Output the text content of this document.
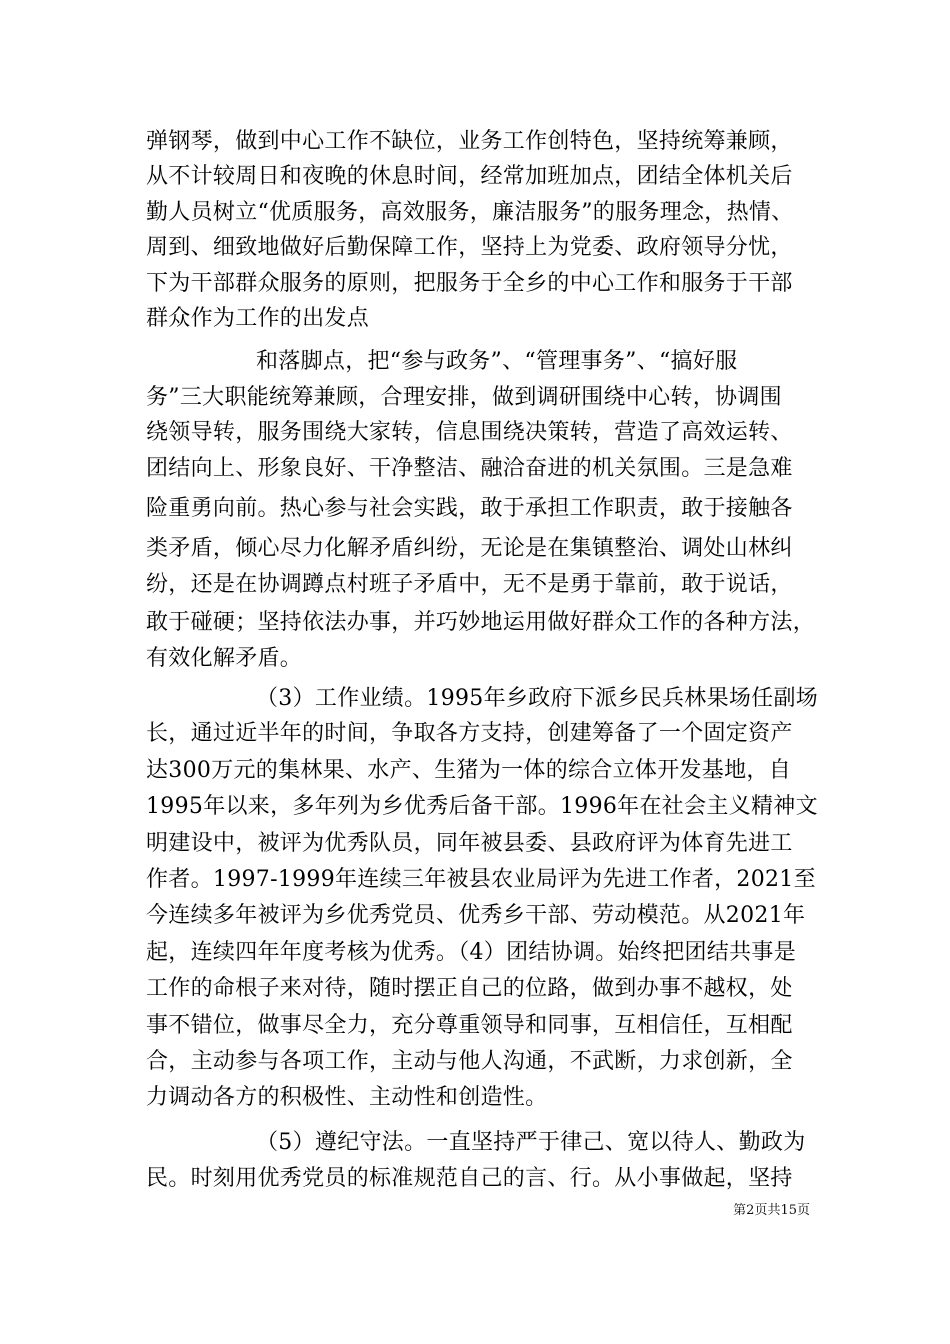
弹钢琴，做到中心工作不缺位，业务工作创特色，坚持统筹兼顾，
从不计较周日和夜晚的休息时间，经常加班加点，团结全体机关后
勤人员树立“优质服务，高效服务，廉洁服务”的服务理念，热情、
周到、细致地做好后勤保障工作，坚持上为党委、政府领导分忧，
下为干部群众服务的原则，把服务于全乡的中心工作和服务于干部
群众作为工作的出发点
和落脚点，把“参与政务”、“管理事务”、“搞好服
务”三大职能统筹兼顾，合理安排，做到调研围绕中心转，协调围
绕领导转，服务围绕大家转，信息围绕决策转，营造了高效运转、
团结向上、形象良好、干净整洁、融洽奋进的机关氛围。三是急难
险重勇向前。热心参与社会实践，敢于承担工作职责，敢于接触各
类矛盾，倾心尽力化解矛盾纠纷，无论是在集镇整治、调处山林纠
纷，还是在协调蹲点村班子矛盾中，无不是勇于靠前，敢于说话，
敢于碰硬；坚持依法办事，并巧妙地运用做好群众工作的各种方法，
有效化解矛盾。
（3）工作业绩。1995年乡政府下派乡民兵林果场任副场
长，通过近半年的时间，争取各方支持，创建筹备了一个固定资产
达300万元的集林果、水产、生猪为一体的综合立体开发基地，自
1995年以来，多年列为乡优秀后备干部。1996年在社会主义精神文
明建设中，被评为优秀队员，同年被县委、县政府评为体育先进工
作者。1997-1999年连续三年被县农业局评为先进工作者，2021至
今连续多年被评为乡优秀党员、优秀乡干部、劳动模范。从2021年
起，连续四年年度考核为优秀。（4）团结协调。始终把团结共事是
工作的命根子来对待，随时摆正自己的位路，做到办事不越权，处
事不错位，做事尽全力，充分尊重领导和同事，互相信任，互相配
合，主动参与各项工作，主动与他人沟通，不武断，力求创新，全
力调动各方的积极性、主动性和创造性。
（5）遵纪守法。一直坚持严于律己、宽以待人、勤政为
民。时刻用优秀党员的标准规范自己的言、行。从小事做起，坚持
第2页共15页
